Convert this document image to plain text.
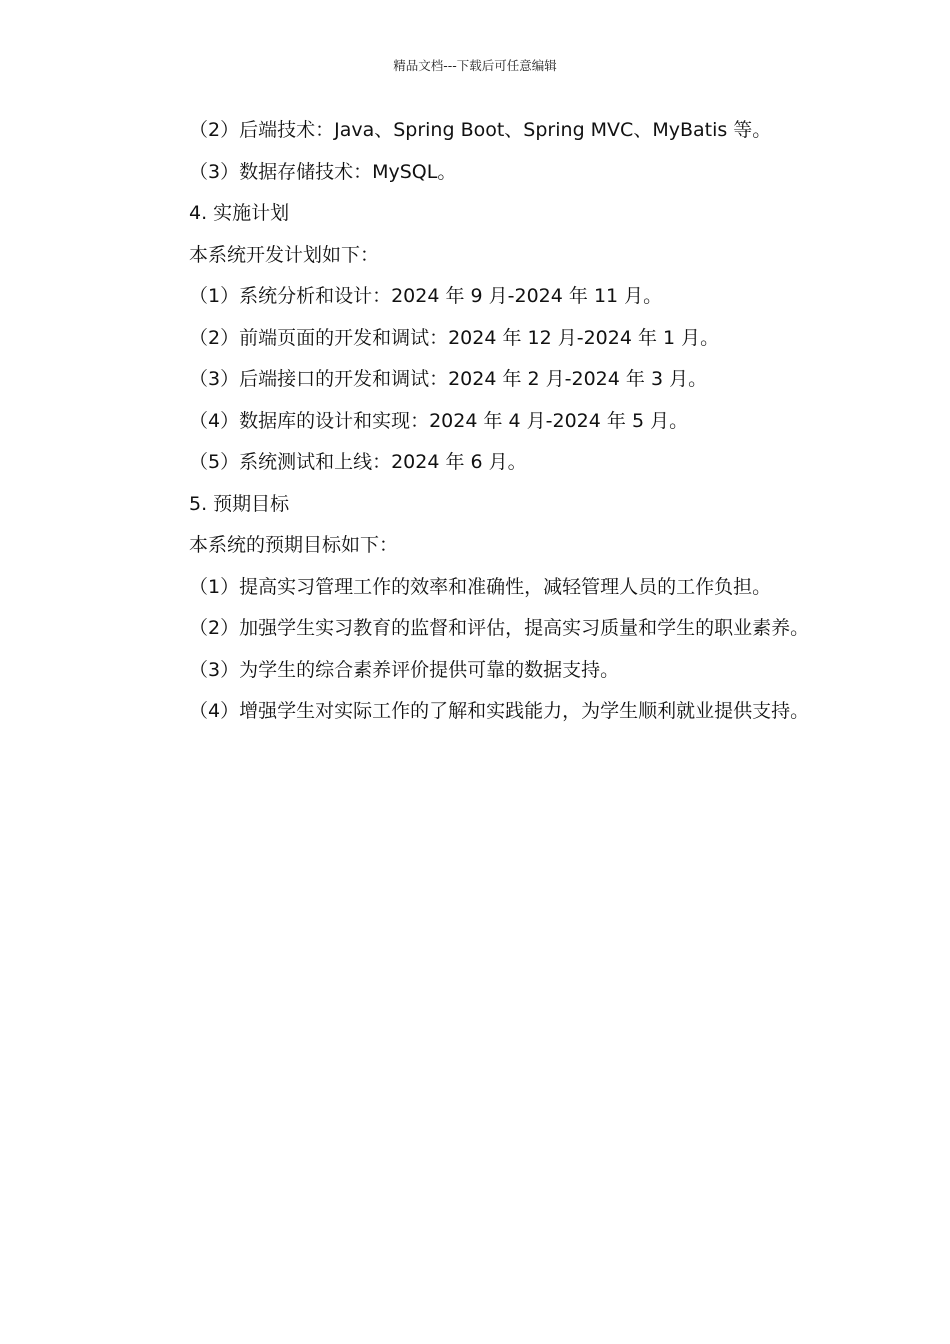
精品文档---下载后可任意编辑

（2）后端技术：Java、Spring Boot、Spring MVC、MyBatis 等。

（3）数据存储技术：MySQL。

4. 实施计划

本系统开发计划如下：

（1）系统分析和设计：2024 年 9 月-2024 年 11 月。

（2）前端页面的开发和调试：2024 年 12 月-2024 年 1 月。

（3）后端接口的开发和调试：2024 年 2 月-2024 年 3 月。

（4）数据库的设计和实现：2024 年 4 月-2024 年 5 月。

（5）系统测试和上线：2024 年 6 月。

5. 预期目标

本系统的预期目标如下：

（1）提高实习管理工作的效率和准确性，减轻管理人员的工作负担。

（2）加强学生实习教育的监督和评估，提高实习质量和学生的职业素养。

（3）为学生的综合素养评价提供可靠的数据支持。

（4）增强学生对实际工作的了解和实践能力，为学生顺利就业提供支持。
